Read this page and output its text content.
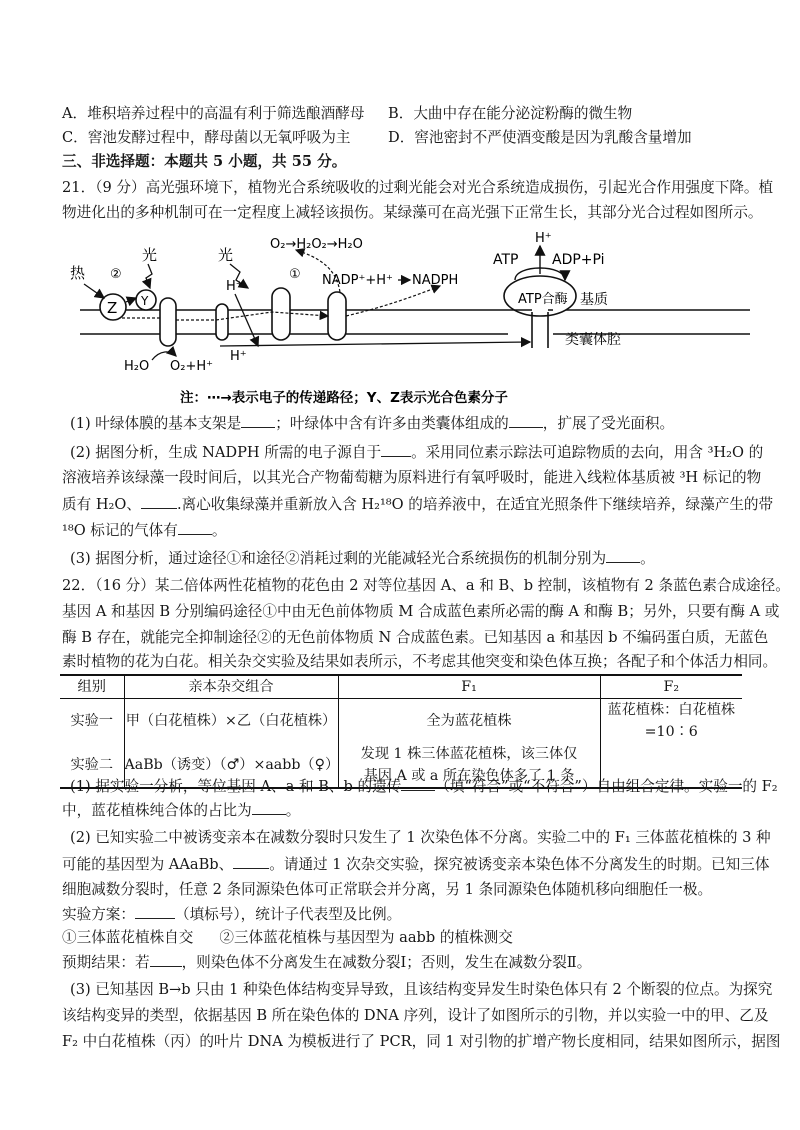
A．堆积培养过程中的高温有利于筛选酿酒酵母 B．大曲中存在能分泌淀粉酶的微生物
C．窖池发酵过程中，酵母菌以无氧呼吸为主	D．窖池密封不严使酒变酸是因为乳酸含量增加
三、非选择题：本题共 5 小题，共 55 分。
21．（9 分）高光强环境下，植物光合系统吸收的过剩光能会对光合系统造成损伤，引起光合作用强度下降。植
物进化出的多种机制可在一定程度上减轻该损伤。某绿藻可在高光强下正常生长，其部分光合过程如图所示。
Z Y	ATP合酶
H⁺
ATP ADP+Pi
基质
类囊体腔
热 ②
光	光
H₂O O₂+H⁺
H⁺
H⁺
O₂→H₂O₂→H₂O
① NADP⁺+H⁺ NADPH
注：⋯→表示电子的传递路径；Y、Z表示光合色素分子
(1) 叶绿体膜的基本支架是 ；叶绿体中含有许多由类囊体组成的 ，扩展了受光面积。
(2) 据图分析，生成 NADPH 所需的电子源自于 。采用同位素示踪法可追踪物质的去向，用含 ³H₂O 的
溶液培养该绿藻一段时间后，以其光合产物葡萄糖为原料进行有氧呼吸时，能进入线粒体基质被 ³H 标记的物
质有 H₂O、 .离心收集绿藻并重新放入含 H₂¹⁸O 的培养液中，在适宜光照条件下继续培养，绿藻产生的带
¹⁸O 标记的气体有 。
(3) 据图分析，通过途径①和途径②消耗过剩的光能减轻光合系统损伤的机制分别为 。
22．（16 分）某二倍体两性花植物的花色由 2 对等位基因 A、a 和 B、b 控制，该植物有 2 条蓝色素合成途径。
基因 A 和基因 B 分别编码途径①中由无色前体物质 M 合成蓝色素所必需的酶 A 和酶 B；另外，只要有酶 A 或
酶 B 存在，就能完全抑制途径②的无色前体物质 N 合成蓝色素。已知基因 a 和基因 b 不编码蛋白质，无蓝色
素时植物的花为白花。相关杂交实验及结果如表所示，不考虑其他突变和染色体互换；各配子和个体活力相同。
组别	亲本杂交组合	F₁	F₂
实验一	甲（白花植株）×乙（白花植株）	全为蓝花植株	蓝花植株：白花植株=10∶6
实验二	AaBb（诱变）（♂）×aabb（♀）	发现 1 株三体蓝花植株，该三体仅
基因 A 或 a 所在染色体多了 1 条	

(1) 据实验一分析，等位基因 A、a 和 B、b 的遗传 （填“符合”或“不符合”）自由组合定律。实验一的 F₂
中，蓝花植株纯合体的占比为 。
(2) 已知实验二中被诱变亲本在减数分裂时只发生了 1 次染色体不分离。实验二中的 F₁ 三体蓝花植株的 3 种
可能的基因型为 AAaBb、 。请通过 1 次杂交实验，探究被诱变亲本染色体不分离发生的时期。已知三体
细胞减数分裂时，任意 2 条同源染色体可正常联会并分离，另 1 条同源染色体随机移向细胞任一极。
实验方案：	（填标号），统计子代表型及比例。
①三体蓝花植株自交 ②三体蓝花植株与基因型为 aabb 的植株测交
预期结果：若 ，则染色体不分离发生在减数分裂Ⅰ；否则，发生在减数分裂Ⅱ。
(3) 已知基因 B→b 只由 1 种染色体结构变异导致，且该结构变异发生时染色体只有 2 个断裂的位点。为探究
该结构变异的类型，依据基因 B 所在染色体的 DNA 序列，设计了如图所示的引物，并以实验一中的甲、乙及
F₂ 中白花植株（丙）的叶片 DNA 为模板进行了 PCR，同 1 对引物的扩增产物长度相同，结果如图所示，据图
